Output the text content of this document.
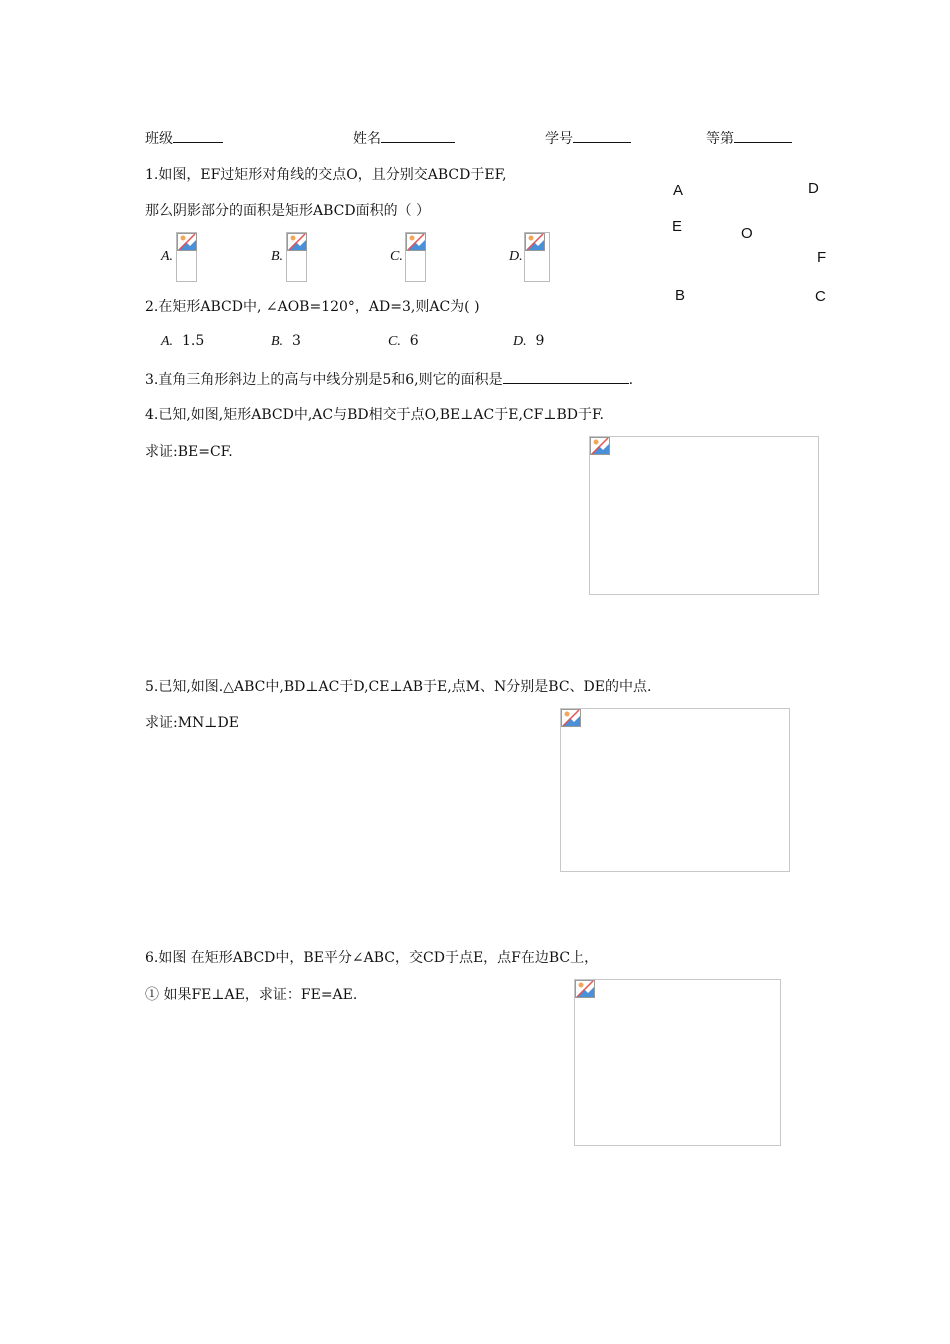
班级	姓名	学号	等第
1.如图，EF过矩形对角线的交点O，且分别交ABCD于EF,
那么阴影部分的面积是矩形ABCD面积的（ ）
A.	B.	C.	D.
A	D
E	O
F
B	C
2.在矩形ABCD中, ∠AOB=120°，AD=3,则AC为( )
A. 1.5	B. 3	C. 6	D. 9
3.直角三角形斜边上的高与中线分别是5和6,则它的面积是	.
4.已知,如图,矩形ABCD中,AC与BD相交于点O,BE⊥AC于E,CF⊥BD于F.
求证:BE=CF.
5.已知,如图.△ABC中,BD⊥AC于D,CE⊥AB于E,点M、N分别是BC、DE的中点.
求证:MN⊥DE
6.如图 在矩形ABCD中，BE平分∠ABC，交CD于点E，点F在边BC上，
① 如果FE⊥AE，求证：FE=AE.
